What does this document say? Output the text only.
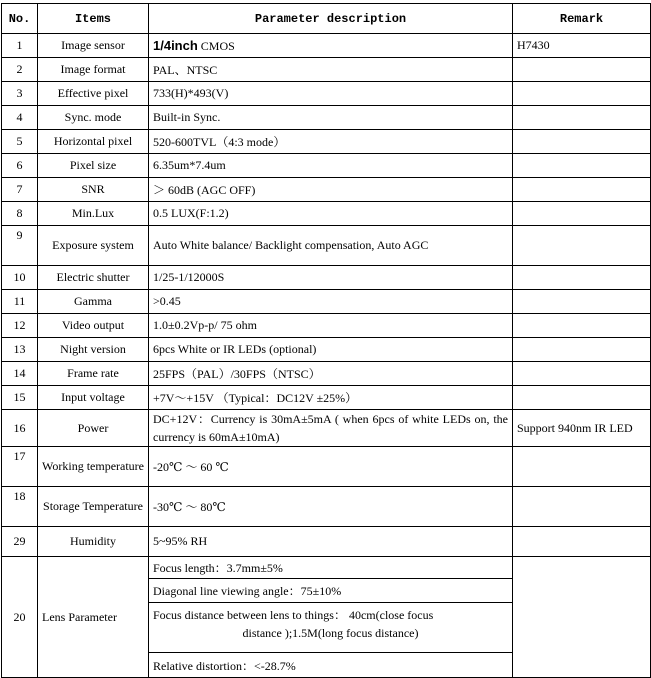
No.	Items	Parameter description	Remark
1	Image sensor	1/4inch CMOS	H7430
2	Image format	PAL、NTSC	
3	Effective pixel	733(H)*493(V)	
4	Sync. mode	Built-in Sync.	
5	Horizontal pixel	520-600TVL（4:3 mode）	
6	Pixel size	6.35um*7.4um	
7	SNR	＞ 60dB (AGC OFF)	
8	Min.Lux	0.5 LUX(F:1.2)	
9	Exposure system	Auto White balance/ Backlight compensation, Auto AGC	
10	Electric shutter	1/25-1/12000S	
11	Gamma	>0.45	
12	Video output	1.0±0.2Vp-p/ 75 ohm	
13	Night version	6pcs White or IR LEDs (optional)	
14	Frame rate	25FPS（PAL）/30FPS（NTSC）	
15	Input voltage	+7V～+15V （Typical：DC12V ±25%）	
16	Power	DC+12V：Currency is 30mA±5mA ( when 6pcs of white LEDs on, the currency is 60mA±10mA)	Support 940nm IR LED
17	Working temperature	-20℃ ～ 60 ℃	
18	Storage Temperature	-30℃ ～ 80℃	
29	Humidity	5~95% RH	
20	Lens Parameter	Focus length：3.7mm±5%	
		Diagonal line viewing angle：75±10%	
		Focus distance between lens to things： 40cm(close focus
distance );1.5M(long focus distance)	

		Relative distortion：<-28.7%	
